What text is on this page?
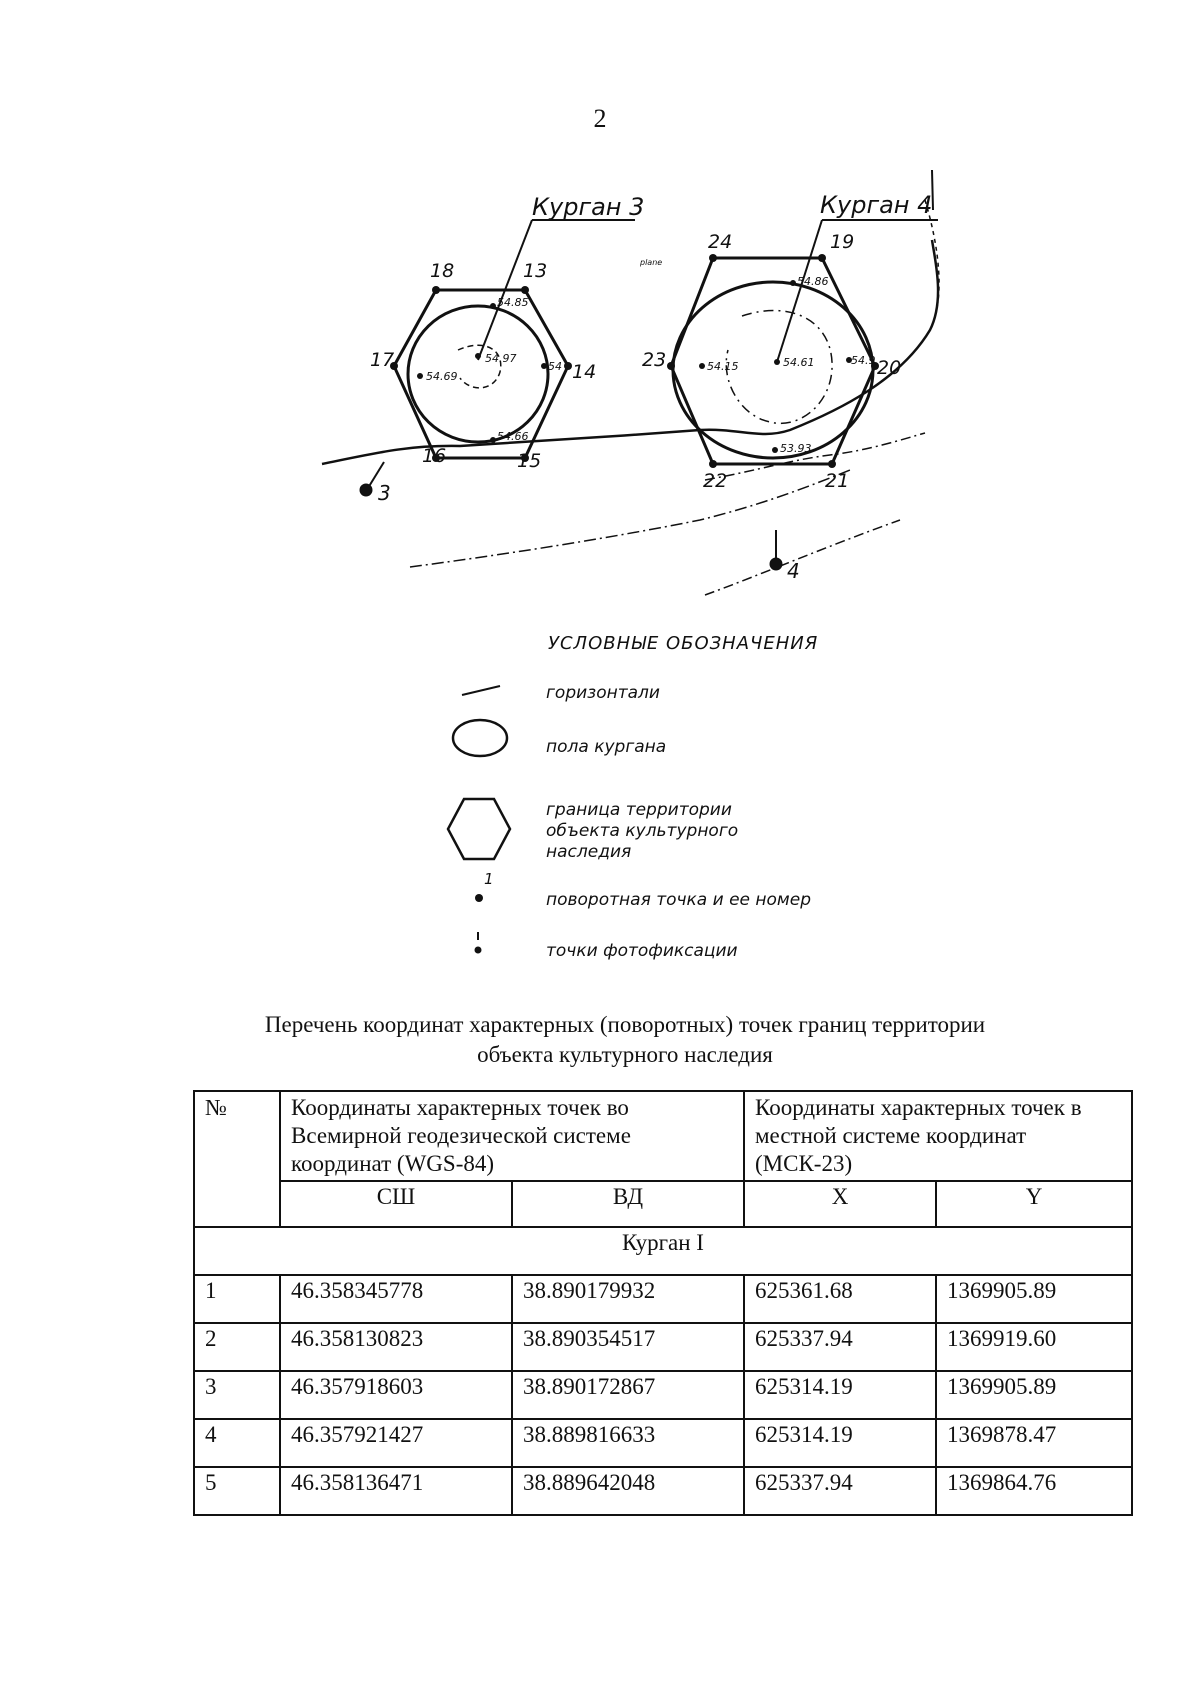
2
54.85
54.97
54.69
54
54.66
18	13
17
14
16	15
Курган 3
54.86
54.61
54.15	54.9
53.93
24	19
23	20
22	21
Курган 4
plane
3
4
1
УСЛОВНЫЕ ОБОЗНАЧЕНИЯ
горизонтали
пола кургана
граница территории
объекта культурного
наследия
поворотная точка и ее номер
точки фотофиксации
Перечень координат характерных (поворотных) точек границ территории
объекта культурного наследия
№	Координаты характерных точек во Всемирной геодезической системе координат (WGS-84)		Координаты характерных точек в местной системе координат (МСК-23)	
	СШ	ВД	X	Y
Курган I				
1	46.358345778	38.890179932	625361.68	1369905.89
2	46.358130823	38.890354517	625337.94	1369919.60
3	46.357918603	38.890172867	625314.19	1369905.89
4	46.357921427	38.889816633	625314.19	1369878.47
5	46.358136471	38.889642048	625337.94	1369864.76
